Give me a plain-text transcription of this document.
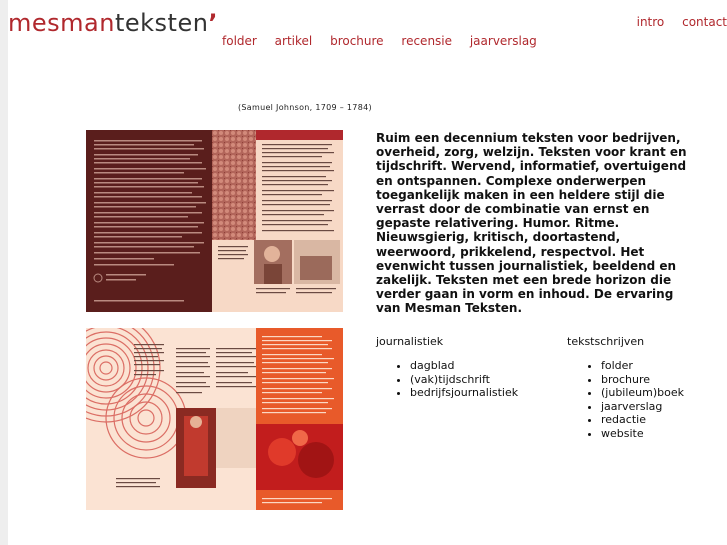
mesmanteksten’	intro contact
folder artikel brochure recensie jaarverslag
(Samuel Johnson, 1709 – 1784)
Ruim een decennium teksten voor bedrijven, overheid, zorg, welzijn. Teksten voor krant en tijdschrift. Wervend, informatief, overtuigend en ontspannen. Complexe onderwerpen toegankelijk maken in een heldere stijl die verrast door de combinatie van ernst en gepaste relativering. Humor. Ritme. Nieuwsgierig, kritisch, doortastend, weerwoord, prikkelend, respectvol. Het evenwicht tussen journalistiek, beeldend en zakelijk. Teksten met een brede horizon die verder gaan in vorm en inhoud. De ervaring van Mesman Teksten.
journalistiek
• dagblad
• (vak)tijdschrift
• bedrijfsjournalistiek
tekstschrijven
• folder
• brochure
• (jubileum)boek
• jaarverslag
• redactie
• website
